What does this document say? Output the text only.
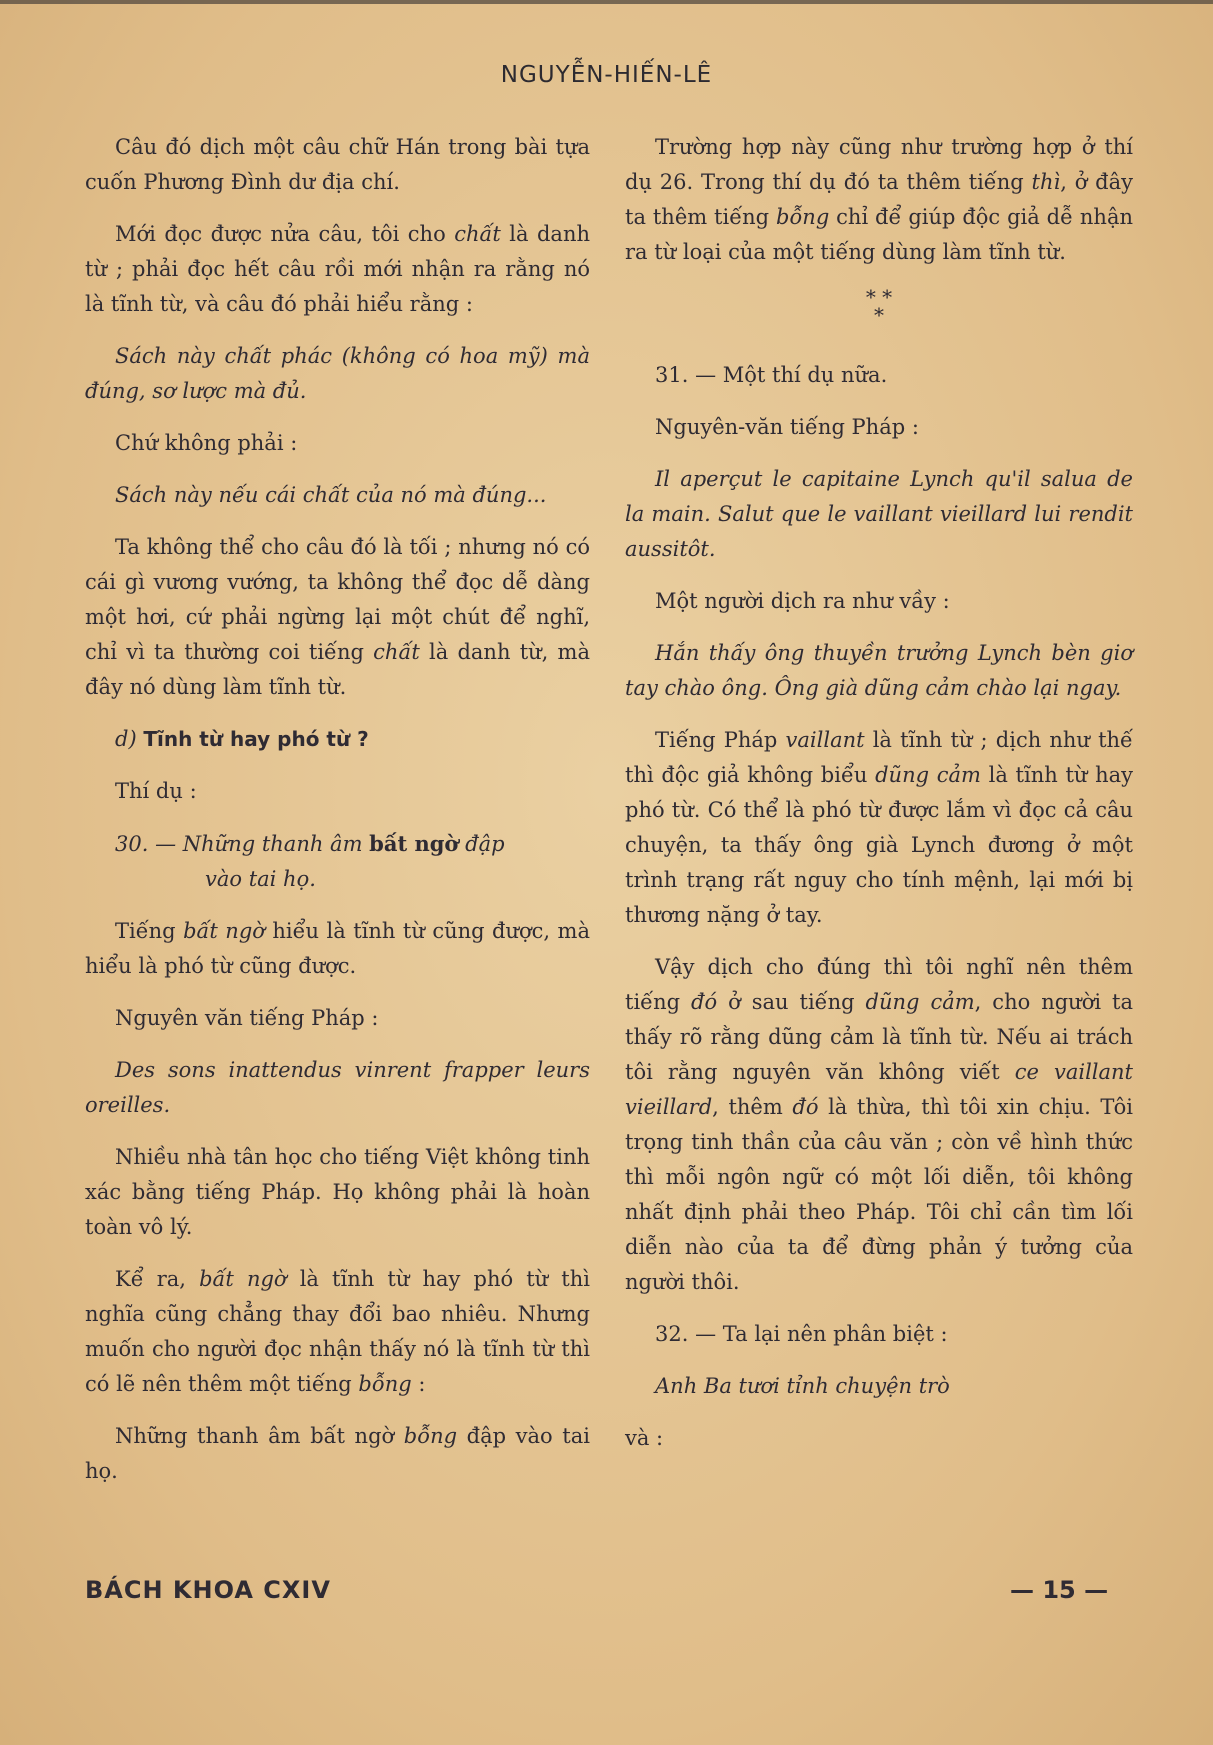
NGUYỄN-HIẾN-LÊ

Câu đó dịch một câu chữ Hán trong bài tựa cuốn Phương Đình dư địa chí.

Mới đọc được nửa câu, tôi cho chất là danh từ ; phải đọc hết câu rồi mới nhận ra rằng nó là tĩnh từ, và câu đó phải hiểu rằng :

Sách này chất phác (không có hoa mỹ) mà đúng, sơ lược mà đủ.

Chứ không phải :

Sách này nếu cái chất của nó mà đúng...

Ta không thể cho câu đó là tối ; nhưng nó có cái gì vương vướng, ta không thể đọc dễ dàng một hơi, cứ phải ngừng lại một chút để nghĩ, chỉ vì ta thường coi tiếng chất là danh từ, mà đây nó dùng làm tĩnh từ.

d) Tĩnh từ hay phó từ ?

Thí dụ :

30. — Những thanh âm bất ngờ đập

vào tai họ.

Tiếng bất ngờ hiểu là tĩnh từ cũng được, mà hiểu là phó từ cũng được.

Nguyên văn tiếng Pháp :

Des sons inattendus vinrent frapper leurs oreilles.

Nhiều nhà tân học cho tiếng Việt không tinh xác bằng tiếng Pháp. Họ không phải là hoàn toàn vô lý.

Kể ra, bất ngờ là tĩnh từ hay phó từ thì nghĩa cũng chẳng thay đổi bao nhiêu. Nhưng muốn cho người đọc nhận thấy nó là tĩnh từ thì có lẽ nên thêm một tiếng bỗng :

Những thanh âm bất ngờ bỗng đập vào tai họ.

Trường hợp này cũng như trường hợp ở thí dụ 26. Trong thí dụ đó ta thêm tiếng thì, ở đây ta thêm tiếng bỗng chỉ để giúp độc giả dễ nhận ra từ loại của một tiếng dùng làm tĩnh từ.

* *
*

31. — Một thí dụ nữa.

Nguyên-văn tiếng Pháp :

Il aperçut le capitaine Lynch qu'il salua de la main. Salut que le vaillant vieillard lui rendit aussitôt.

Một người dịch ra như vầy :

Hắn thấy ông thuyền trưởng Lynch bèn giơ tay chào ông. Ông già dũng cảm chào lại ngay.

Tiếng Pháp vaillant là tĩnh từ ; dịch như thế thì độc giả không biểu dũng cảm là tĩnh từ hay phó từ. Có thể là phó từ được lắm vì đọc cả câu chuyện, ta thấy ông già Lynch đương ở một trình trạng rất nguy cho tính mệnh, lại mới bị thương nặng ở tay.

Vậy dịch cho đúng thì tôi nghĩ nên thêm tiếng đó ở sau tiếng dũng cảm, cho người ta thấy rõ rằng dũng cảm là tĩnh từ. Nếu ai trách tôi rằng nguyên văn không viết ce vaillant vieillard, thêm đó là thừa, thì tôi xin chịu. Tôi trọng tinh thần của câu văn ; còn về hình thức thì mỗi ngôn ngữ có một lối diễn, tôi không nhất định phải theo Pháp. Tôi chỉ cần tìm lối diễn nào của ta để đừng phản ý tưởng của người thôi.

32. — Ta lại nên phân biệt :

Anh Ba tươi tỉnh chuyện trò

và :

BÁCH KHOA CXIV	— 15 —
